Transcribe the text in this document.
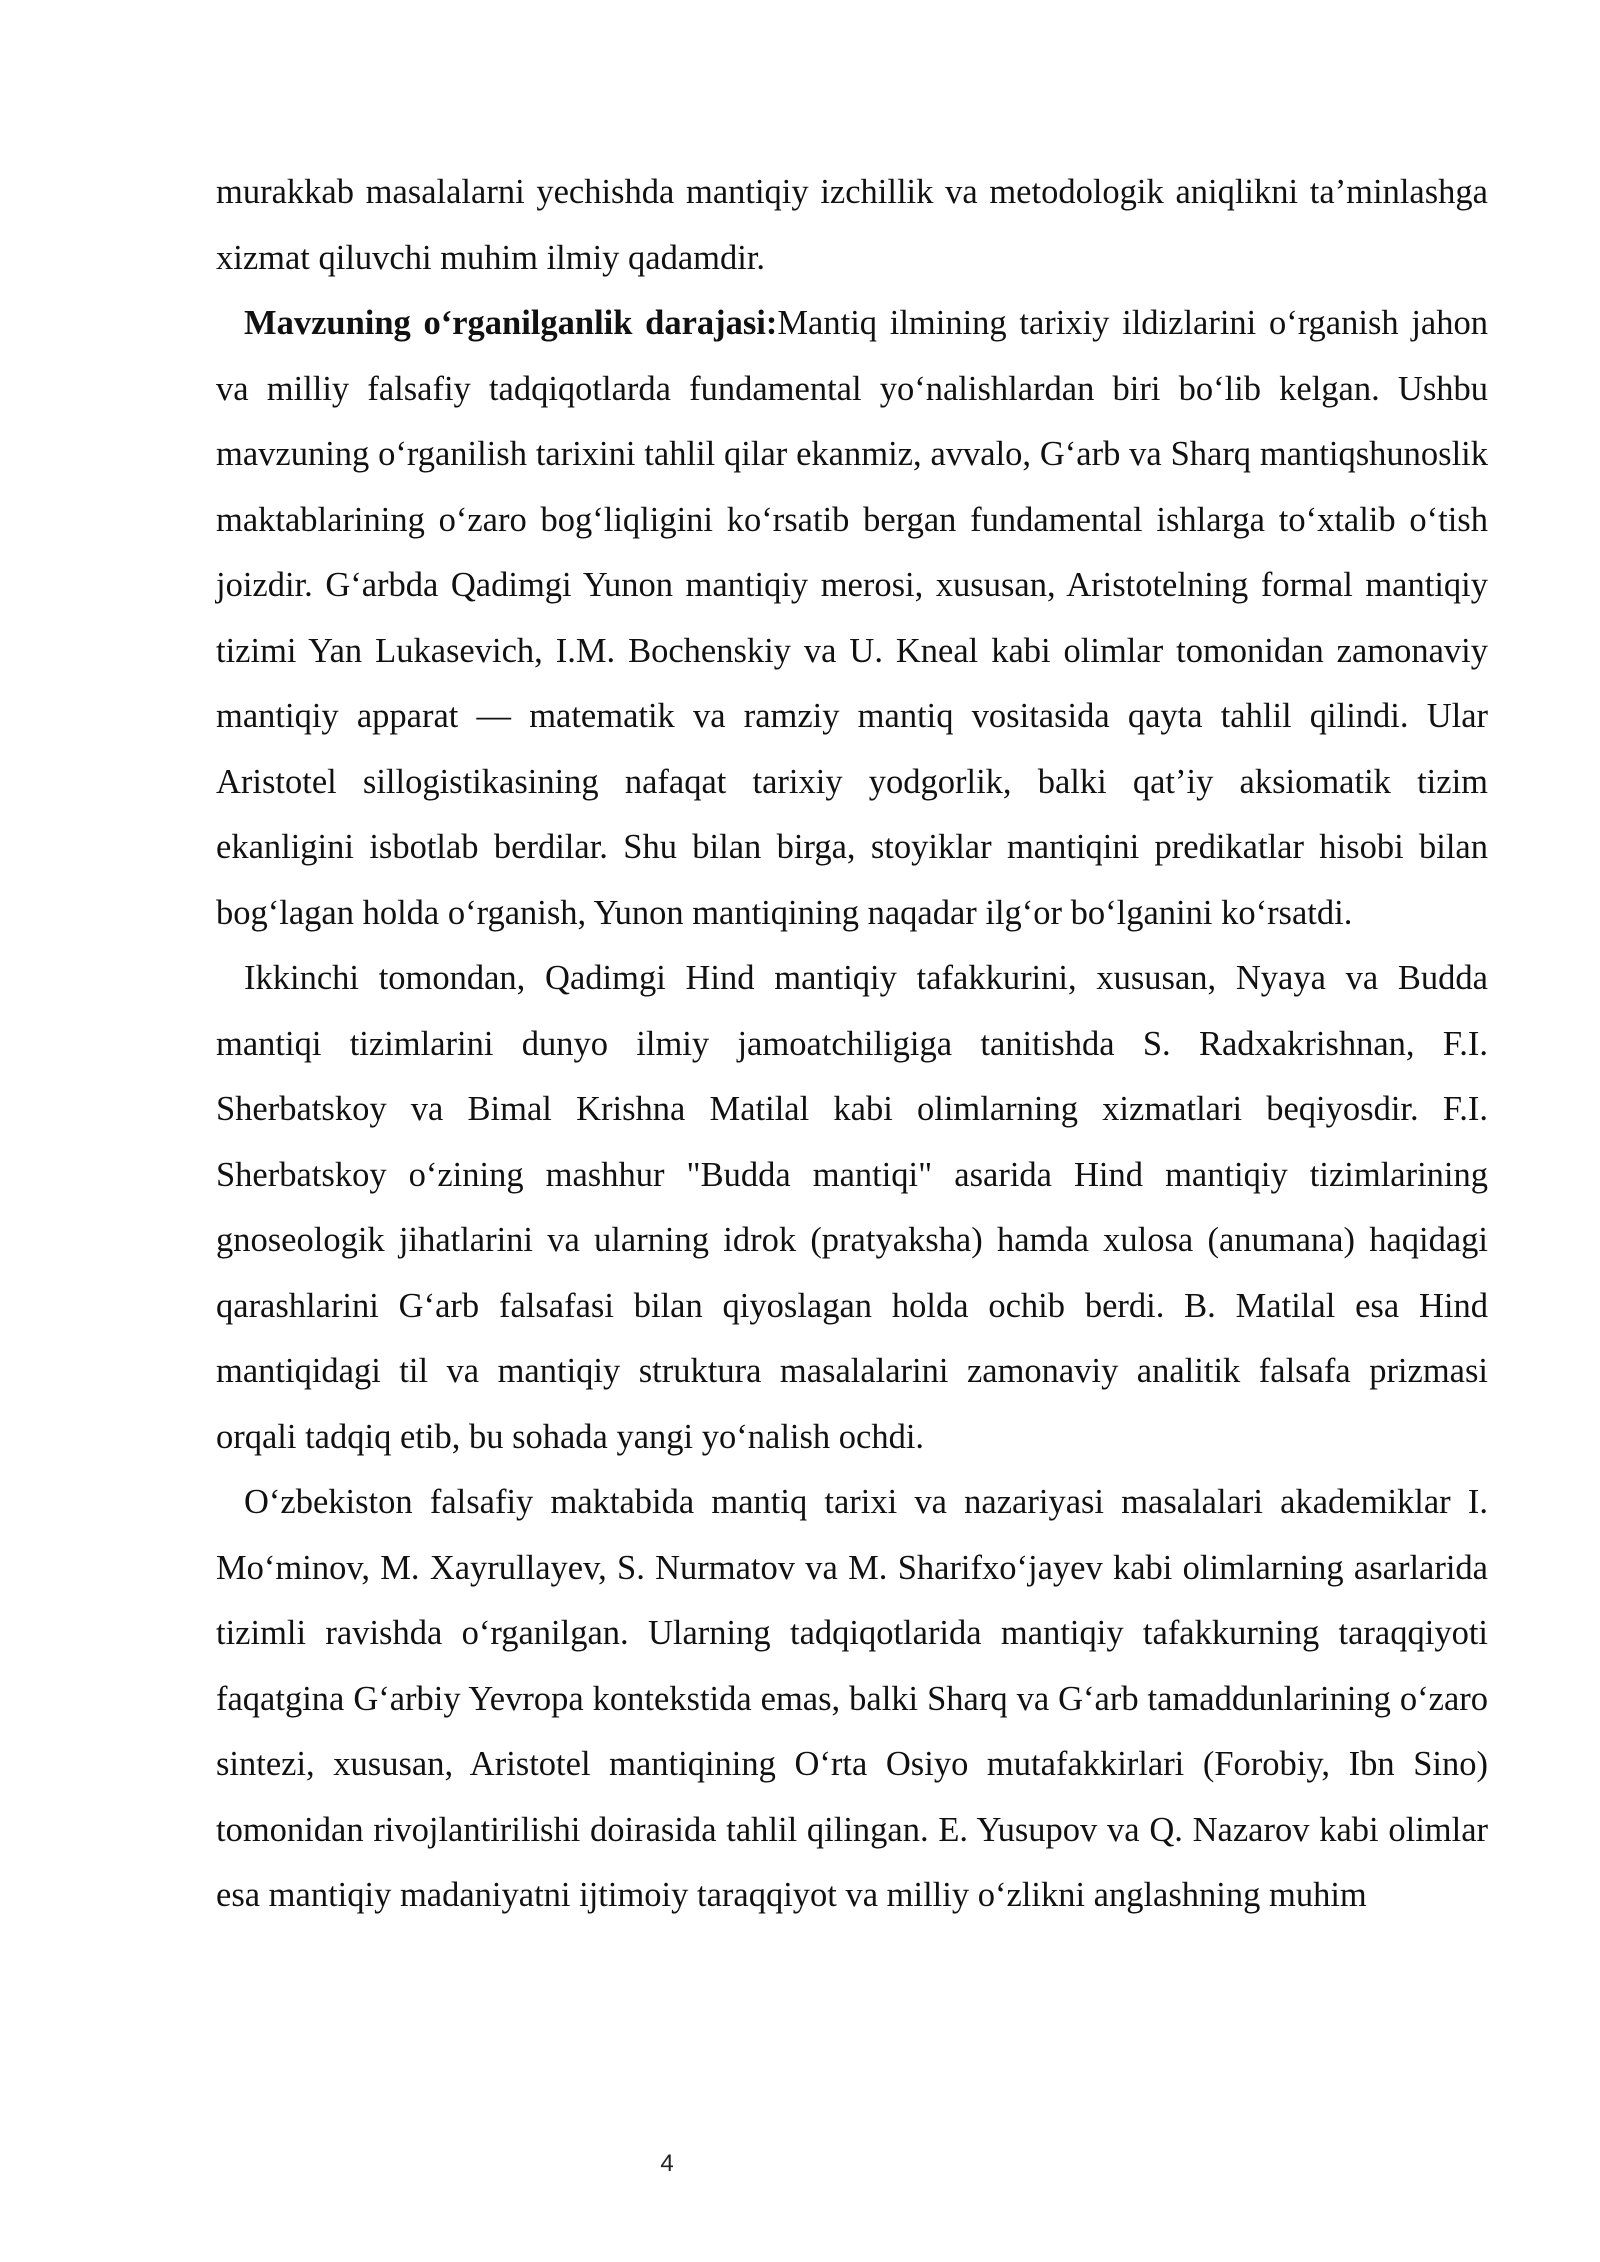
murakkab masalalarni yechishda mantiqiy izchillik va metodologik aniqlikni ta’minlashga xizmat qiluvchi muhim ilmiy qadamdir.

Mavzuning o‘rganilganlik darajasi:Mantiq ilmining tarixiy ildizlarini o‘rganish jahon va milliy falsafiy tadqiqotlarda fundamental yo‘nalishlardan biri bo‘lib kelgan. Ushbu mavzuning o‘rganilish tarixini tahlil qilar ekanmiz, avvalo, G‘arb va Sharq mantiqshunoslik maktablarining o‘zaro bog‘liqligini ko‘rsatib bergan fundamental ishlarga to‘xtalib o‘tish joizdir. G‘arbda Qadimgi Yunon mantiqiy merosi, xususan, Aristotelning formal mantiqiy tizimi Yan Lukasevich, I.M. Bochenskiy va U. Kneal kabi olimlar tomonidan zamonaviy mantiqiy apparat — matematik va ramziy mantiq vositasida qayta tahlil qilindi. Ular Aristotel sillogistikasining nafaqat tarixiy yodgorlik, balki qat’iy aksiomatik tizim ekanligini isbotlab berdilar. Shu bilan birga, stoyiklar mantiqini predikatlar hisobi bilan bog‘lagan holda o‘rganish, Yunon mantiqining naqadar ilg‘or bo‘lganini ko‘rsatdi.

Ikkinchi tomondan, Qadimgi Hind mantiqiy tafakkurini, xususan, Nyaya va Budda mantiqi tizimlarini dunyo ilmiy jamoatchiligiga tanitishda S. Radxakrishnan, F.I. Sherbatskoy va Bimal Krishna Matilal kabi olimlarning xizmatlari beqiyosdir. F.I. Sherbatskoy o‘zining mashhur "Budda mantiqi" asarida Hind mantiqiy tizimlarining gnoseologik jihatlarini va ularning idrok (pratyaksha) hamda xulosa (anumana) haqidagi qarashlarini G‘arb falsafasi bilan qiyoslagan holda ochib berdi. B. Matilal esa Hind mantiqidagi til va mantiqiy struktura masalalarini zamonaviy analitik falsafa prizmasi orqali tadqiq etib, bu sohada yangi yo‘nalish ochdi.

O‘zbekiston falsafiy maktabida mantiq tarixi va nazariyasi masalalari akademiklar I. Mo‘minov, M. Xayrullayev, S. Nurmatov va M. Sharifxo‘jayev kabi olimlarning asarlarida tizimli ravishda o‘rganilgan. Ularning tadqiqotlarida mantiqiy tafakkurning taraqqiyoti faqatgina G‘arbiy Yevropa kontekstida emas, balki Sharq va G‘arb tamaddunlarining o‘zaro sintezi, xususan, Aristotel mantiqining O‘rta Osiyo mutafakkirlari (Forobiy, Ibn Sino) tomonidan rivojlantirilishi doirasida tahlil qilingan. E. Yusupov va Q. Nazarov kabi olimlar esa mantiqiy madaniyatni ijtimoiy taraqqiyot va milliy o‘zlikni anglashning muhim

4
